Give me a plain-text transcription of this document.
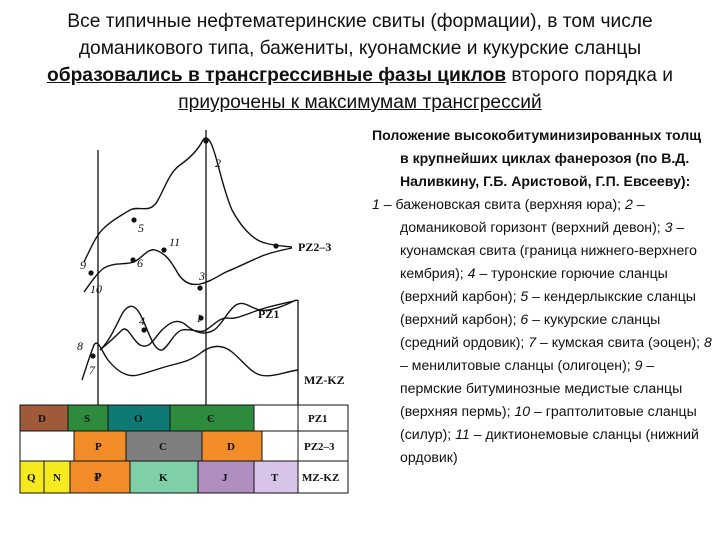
Все типичные нефтематеринские свиты (формации), в том числе
доманикового типа, бажениты, куонамские и кукурские сланцы
образовались в трансгрессивные фазы циклов второго порядка и
приурочены к максимумам трансгрессий
1
2
3
4
5
6
7
8
9
10
11	PZ2–3
PZ1
MZ-KZ
D	S	O	Є	PZ1
P	C	D	PZ2–3
Q N	₽	K	J	T MZ-KZ

Положение высокобитуминизированных толщ в крупнейших циклах фанерозоя (по В.Д. Наливкину, Г.Б. Аристовой, Г.П. Евсееву):

1 – баженовская свита (верхняя юра); 2 – доманиковой горизонт (верхний девон); 3 – куонамская свита (граница нижнего-верхнего кембрия); 4 – туронские горючие сланцы (верхний карбон); 5 – кендерлыкские сланцы (верхний карбон); 6 – кукурские сланцы (средний ордовик); 7 – кумская свита (эоцен); 8 – менилитовые сланцы (олигоцен); 9 – пермские битуминозные медистые сланцы (верхняя пермь); 10 – граптолитовые сланцы (силур); 11 – диктионемовые сланцы (нижний ордовик)
